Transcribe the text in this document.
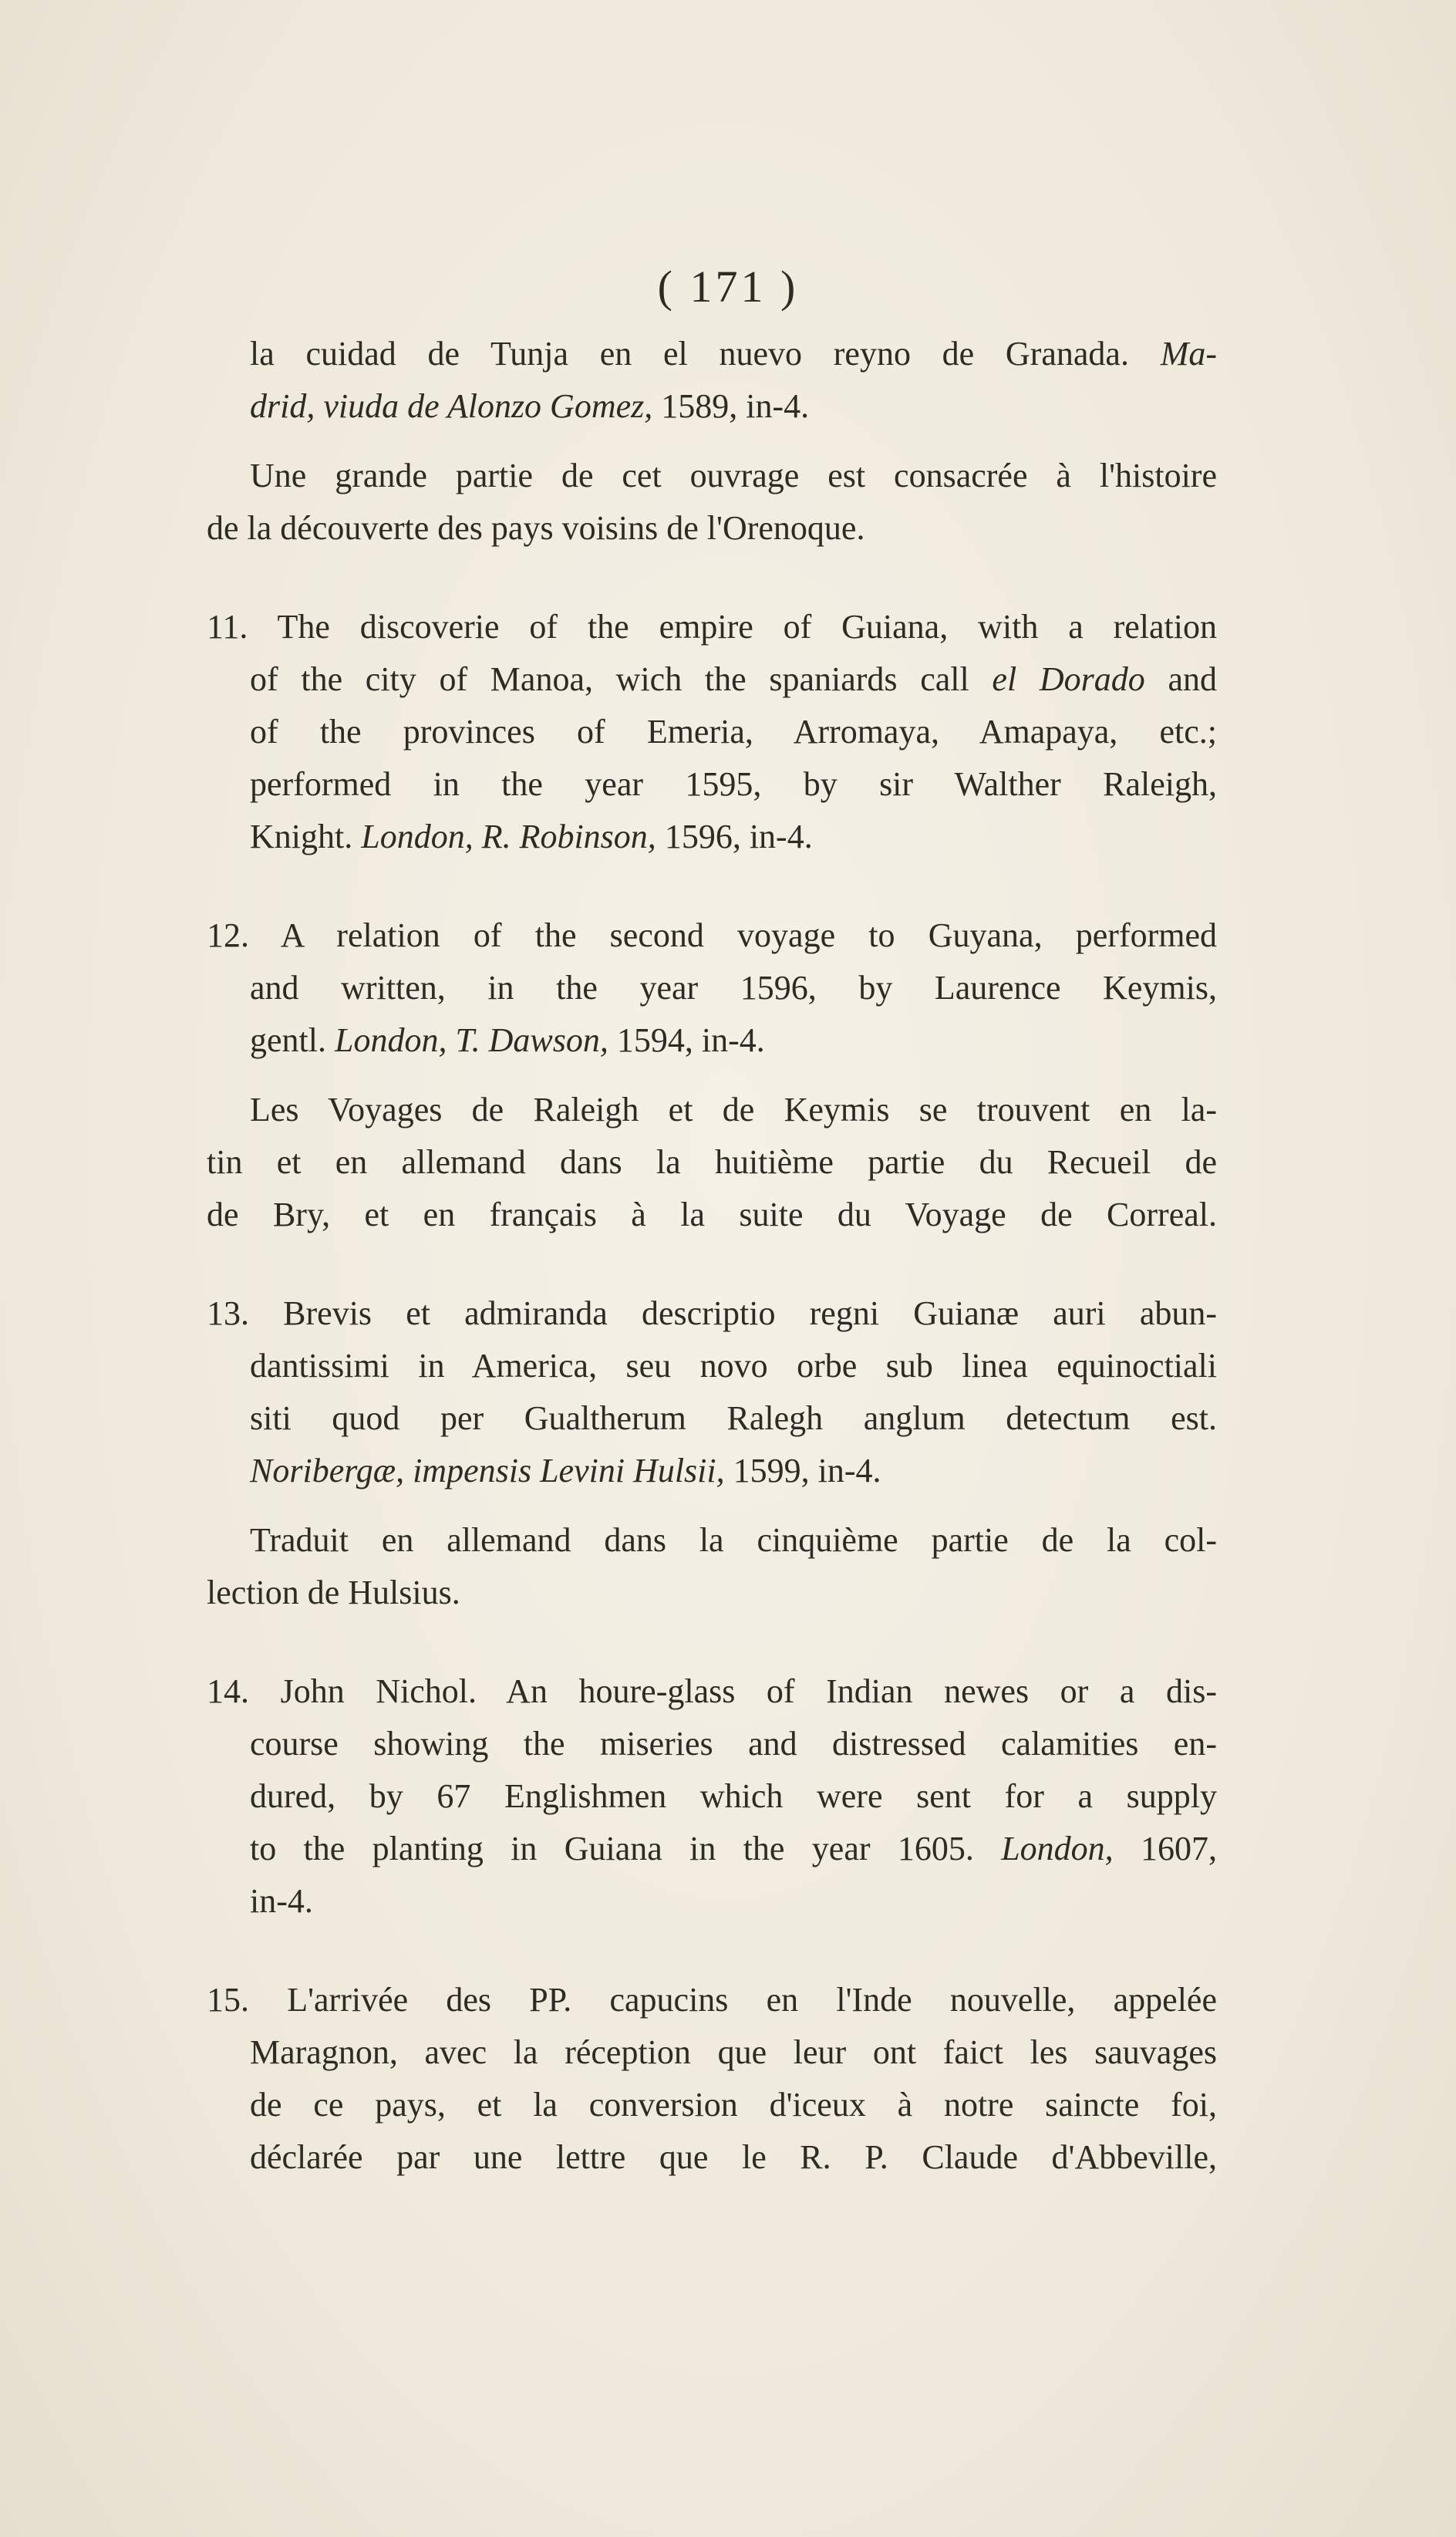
( 171 )
la cuidad de Tunja en el nuevo reyno de Granada. Ma-
drid, viuda de Alonzo Gomez, 1589, in-4.
Une grande partie de cet ouvrage est consacrée à l'histoire
de la découverte des pays voisins de l'Orenoque.
11. The discoverie of the empire of Guiana, with a relation
of the city of Manoa, wich the spaniards call el Dorado and
of the provinces of Emeria, Arromaya, Amapaya, etc.;
performed in the year 1595, by sir Walther Raleigh,
Knight. London, R. Robinson, 1596, in-4.
12. A relation of the second voyage to Guyana, performed
and written, in the year 1596, by Laurence Keymis,
gentl. London, T. Dawson, 1594, in-4.
Les Voyages de Raleigh et de Keymis se trouvent en la-
tin et en allemand dans la huitième partie du Recueil de
de Bry, et en français à la suite du Voyage de Correal.
13. Brevis et admiranda descriptio regni Guianæ auri abun-
dantissimi in America, seu novo orbe sub linea equinoctiali
siti quod per Gualtherum Ralegh anglum detectum est.
Noribergæ, impensis Levini Hulsii, 1599, in-4.
Traduit en allemand dans la cinquième partie de la col-
lection de Hulsius.
14. John Nichol. An houre-glass of Indian newes or a dis-
course showing the miseries and distressed calamities en-
dured, by 67 Englishmen which were sent for a supply
to the planting in Guiana in the year 1605. London, 1607,
in-4.
15. L'arrivée des PP. capucins en l'Inde nouvelle, appelée
Maragnon, avec la réception que leur ont faict les sauvages
de ce pays, et la conversion d'iceux à notre saincte foi,
déclarée par une lettre que le R. P. Claude d'Abbeville,
